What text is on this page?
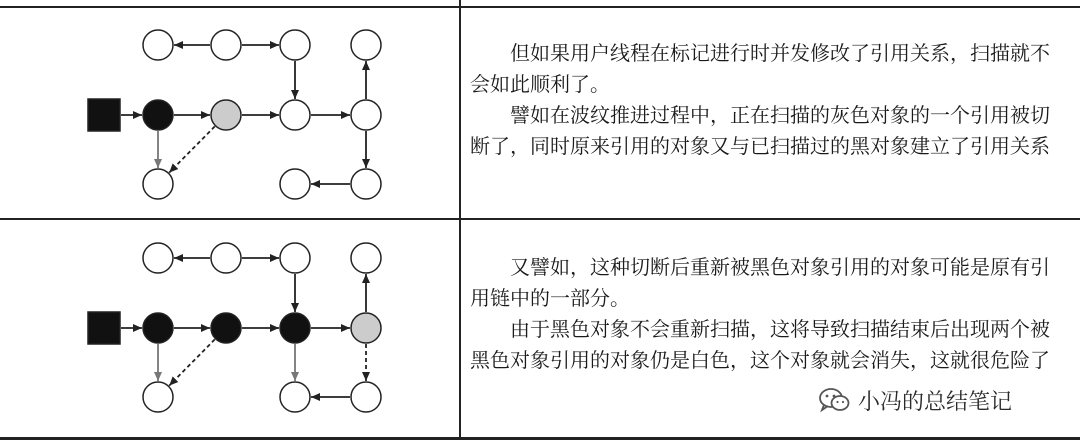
但如果用户线程在标记进行时并发修改了引用关系，扫描就不会如此顺利了。

譬如在波纹推进过程中，正在扫描的灰色对象的一个引用被切断了，同时原来引用的对象又与已扫描过的黑对象建立了引用关系

又譬如，这种切断后重新被黑色对象引用的对象可能是原有引用链中的一部分。

由于黑色对象不会重新扫描，这将导致扫描结束后出现两个被黑色对象引用的对象仍是白色，这个对象就会消失，这就很危险了

小冯的总结笔记
